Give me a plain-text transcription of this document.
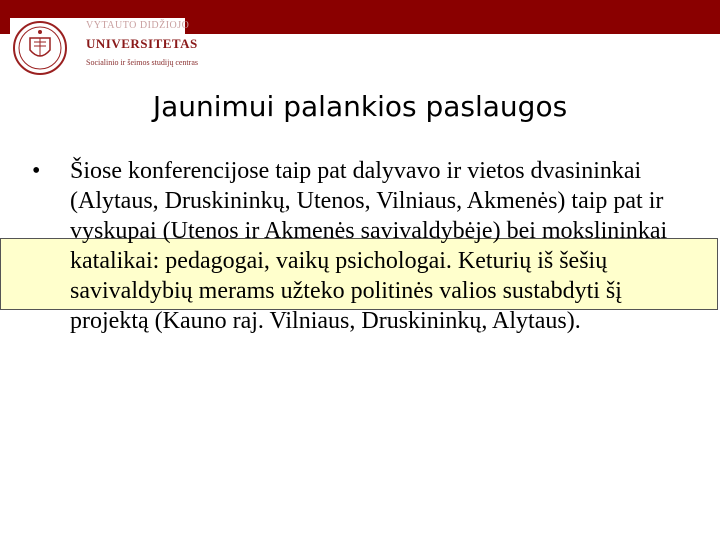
VYTAUTO DIDŽIOJO
UNIVERSITETAS
Socialinio ir šeimos studijų centras
Jaunimui palankios paslaugos
• Šiose konferencijose taip pat dalyvavo ir vietos dvasininkai (Alytaus, Druskininkų, Utenos, Vilniaus, Akmenės) taip pat ir vyskupai (Utenos ir Akmenės savivaldybėje) bei mokslininkai katalikai: pedagogai, vaikų psichologai. Keturių iš šešių savivaldybių merams užteko politinės valios sustabdyti šį projektą (Kauno raj. Vilniaus, Druskininkų, Alytaus).
